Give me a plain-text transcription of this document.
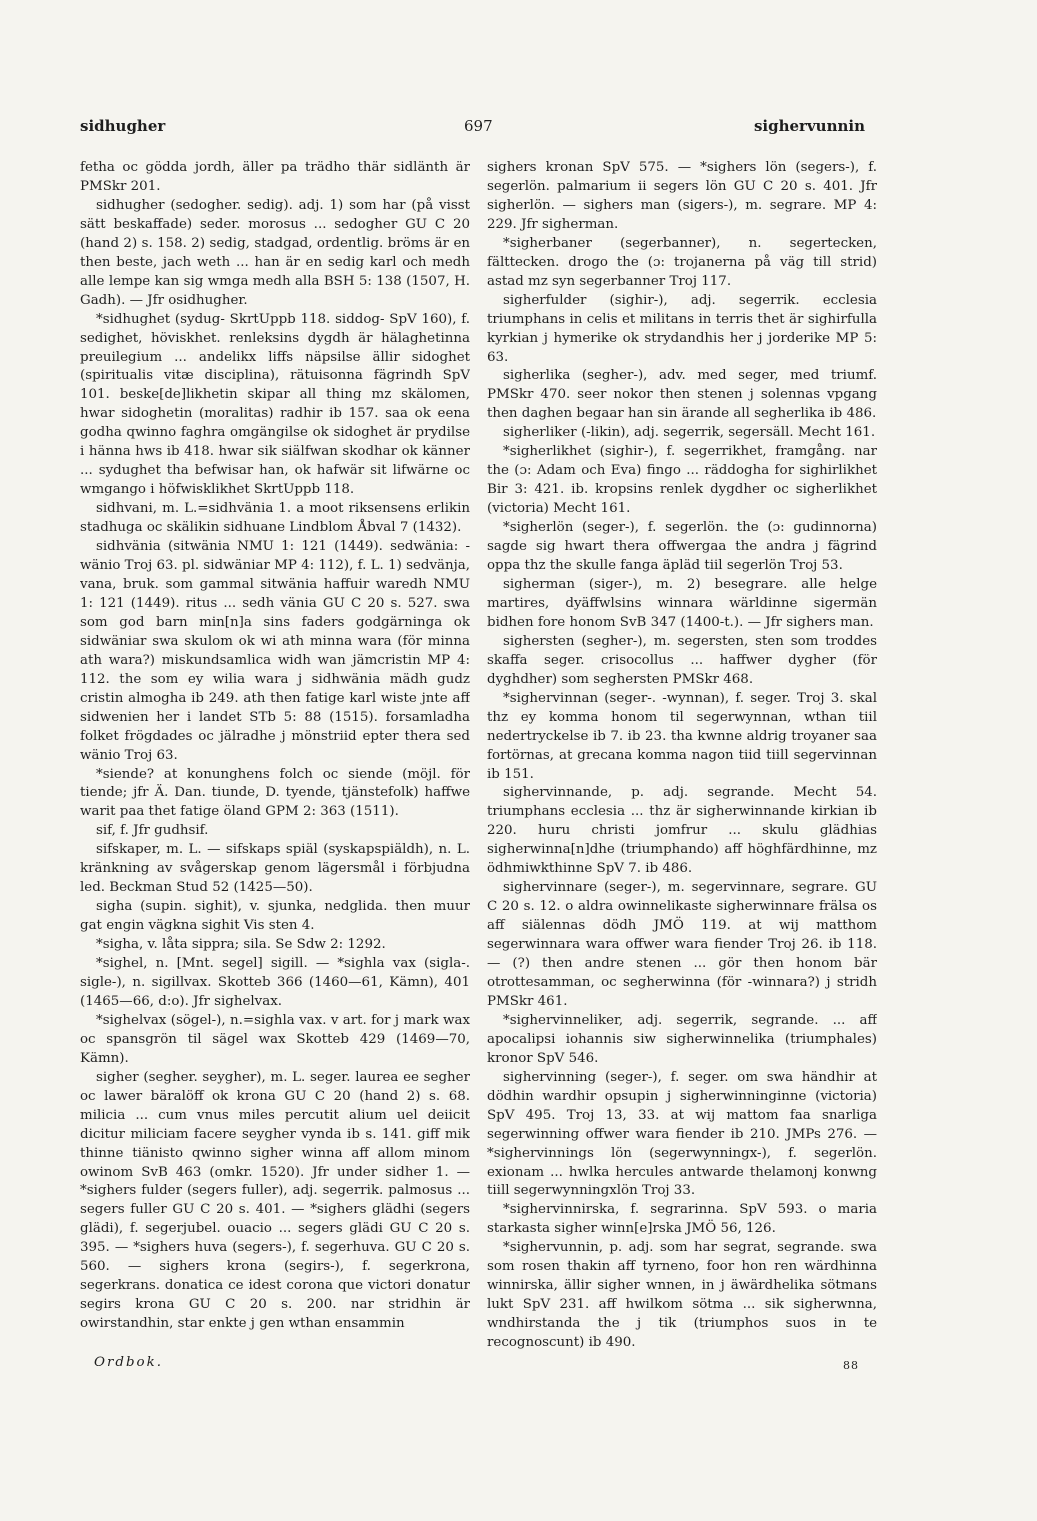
sidhugher	697	sighervunnin

fetha oc gödda jordh, äller pa trädho thär sidlänth är PMSkr 201.

sidhugher (sedogher. sedig). adj. 1) som har (på visst sätt beskaffade) seder. morosus ... sedogher GU C 20 (hand 2) s. 158. 2) sedig, stadgad, ordentlig. bröms är en then beste, jach weth ... han är en sedig karl och medh alle lempe kan sig wmga medh alla BSH 5: 138 (1507, H. Gadh). — Jfr osidhugher.

*sidhughet (sydug- SkrtUppb 118. siddog- SpV 160), f. sedighet, höviskhet. renleksins dygdh är hälaghetinna preuilegium ... andelikx liffs näpsilse ällir sidoghet (spiritualis vitæ disciplina), rätuisonna fägrindh SpV 101. beske[de]likhetin skipar all thing mz skälomen, hwar sidoghetin (moralitas) radhir ib 157. saa ok eena godha qwinno faghra omgängilse ok sidoghet är prydilse i hänna hws ib 418. hwar sik siälfwan skodhar ok känner ... sydughet tha befwisar han, ok hafwär sit lifwärne oc wmgango i höfwisklikhet SkrtUppb 118.

sidhvani, m. L.=sidhvänia 1. a moot riksensens erlikin stadhuga oc skälikin sidhuane Lindblom Åbval 7 (1432).

sidhvänia (sitwänia NMU 1: 121 (1449). sedwänia: -wänio Troj 63. pl. sidwäniar MP 4: 112), f. L. 1) sedvänja, vana, bruk. som gammal sitwänia haffuir waredh NMU 1: 121 (1449). ritus ... sedh vänia GU C 20 s. 527. swa som god barn min[n]a sins faders godgärninga ok sidwäniar swa skulom ok wi ath minna wara (för minna ath wara?) miskundsamlica widh wan jämcristin MP 4: 112. the som ey wilia wara j sidhwänia mädh gudz cristin almogha ib 249. ath then fatige karl wiste jnte aff sidwenien her i landet STb 5: 88 (1515). forsamladha folket frögdades oc jälradhe j mönstriid epter thera sed wänio Troj 63.

*siende? at konunghens folch oc siende (möjl. för tiende; jfr Ä. Dan. tiunde, D. tyende, tjänstefolk) haffwe warit paa thet fatige öland GPM 2: 363 (1511).

sif, f. Jfr gudhsif.

sifskaper, m. L. — sifskaps spiäl (syskapspiäldh), n. L. kränkning av svågerskap genom lägersmål i förbjudna led. Beckman Stud 52 (1425—50).

sigha (supin. sighit), v. sjunka, nedglida. then muur gat engin vägkna sighit Vis sten 4.

*sigha, v. låta sippra; sila. Se Sdw 2: 1292.

*sighel, n. [Mnt. segel] sigill. — *sighla vax (sigla-. sigle-), n. sigillvax. Skotteb 366 (1460—61, Kämn), 401 (1465—66, d:o). Jfr sighelvax.

*sighelvax (sögel-), n.=sighla vax. v art. for j mark wax oc spansgrön til sägel wax Skotteb 429 (1469—70, Kämn).

sigher (segher. seygher), m. L. seger. laurea ee segher oc lawer bäralöff ok krona GU C 20 (hand 2) s. 68. milicia ... cum vnus miles percutit alium uel deiicit dicitur miliciam facere seygher vynda ib s. 141. giff mik thinne tiänisto qwinno sigher winna aff allom minom owinom SvB 463 (omkr. 1520). Jfr under sidher 1. — *sighers fulder (segers fuller), adj. segerrik. palmosus ... segers fuller GU C 20 s. 401. — *sighers glädhi (segers glädi), f. segerjubel. ouacio ... segers glädi GU C 20 s. 395. — *sighers huva (segers-), f. segerhuva. GU C 20 s. 560. — sighers krona (segirs-), f. segerkrona, segerkrans. donatica ce idest corona que victori donatur segirs krona GU C 20 s. 200. nar stridhin är owirstandhin, star enkte j gen wthan ensammin

sighers kronan SpV 575. — *sighers lön (segers-), f. segerlön. palmarium ii segers lön GU C 20 s. 401. Jfr sigherlön. — sighers man (sigers-), m. segrare. MP 4: 229. Jfr sigherman.

*sigherbaner (segerbanner), n. segertecken, fälttecken. drogo the (ɔ: trojanerna på väg till strid) astad mz syn segerbanner Troj 117.

sigherfulder (sighir-), adj. segerrik. ecclesia triumphans in celis et militans in terris thet är sighirfulla kyrkian j hymerike ok strydandhis her j jorderike MP 5: 63.

sigherlika (segher-), adv. med seger, med triumf. PMSkr 470. seer nokor then stenen j solennas vpgang then daghen begaar han sin ärande all segherlika ib 486.

sigherliker (-likin), adj. segerrik, segersäll. Mecht 161.

*sigherlikhet (sighir-), f. segerrikhet, framgång. nar the (ɔ: Adam och Eva) fingo ... räddogha for sighirlikhet Bir 3: 421. ib. kropsins renlek dygdher oc sigherlikhet (victoria) Mecht 161.

*sigherlön (seger-), f. segerlön. the (ɔ: gudinnorna) sagde sig hwart thera offwergaa the andra j fägrind oppa thz the skulle fanga äpläd tiil segerlön Troj 53.

sigherman (siger-), m. 2) besegrare. alle helge martires, dyäffwlsins winnara wärldinne sigermän bidhen fore honom SvB 347 (1400-t.). — Jfr sighers man.

sighersten (segher-), m. segersten, sten som troddes skaffa seger. crisocollus ... haffwer dygher (för dyghdher) som seghersten PMSkr 468.

*sighervinnan (seger-. -wynnan), f. seger. Troj 3. skal thz ey komma honom til segerwynnan, wthan tiil nedertryckelse ib 7. ib 23. tha kwnne aldrig troyaner saa fortörnas, at grecana komma nagon tiid tiill segervinnan ib 151.

sighervinnande, p. adj. segrande. Mecht 54. triumphans ecclesia ... thz är sigherwinnande kirkian ib 220. huru christi jomfrur ... skulu glädhias sigherwinna[n]dhe (triumphando) aff höghfärdhinne, mz ödhmiwkthinne SpV 7. ib 486.

sighervinnare (seger-), m. segervinnare, segrare. GU C 20 s. 12. o aldra owinnelikaste sigherwinnare frälsa os aff siälennas dödh JMÖ 119. at wij matthom segerwinnara wara offwer wara fiender Troj 26. ib 118. — (?) then andre stenen ... gör then honom bär otrottesamman, oc segherwinna (för -winnara?) j stridh PMSkr 461.

*sighervinneliker, adj. segerrik, segrande. ... aff apocalipsi iohannis siw sigherwinnelika (triumphales) kronor SpV 546.

sighervinning (seger-), f. seger. om swa händhir at dödhin wardhir opsupin j sigherwinninginne (victoria) SpV 495. Troj 13, 33. at wij mattom faa snarliga segerwinning offwer wara fiender ib 210. JMPs 276. — *sighervinnings lön (segerwynningx-), f. segerlön. exionam ... hwlka hercules antwarde thelamonj konwng tiill segerwynningxlön Troj 33.

*sighervinnirska, f. segrarinna. SpV 593. o maria starkasta sigher winn[e]rska JMÖ 56, 126.

*sighervunnin, p. adj. som har segrat, segrande. swa som rosen thakin aff tyrneno, foor hon ren wärdhinna winnirska, ällir sigher wnnen, in j äwärdhelika sötmans lukt SpV 231. aff hwilkom sötma ... sik sigherwnna, wndhirstanda the j tik (triumphos suos in te recognoscunt) ib 490.

Ordbok.	88
